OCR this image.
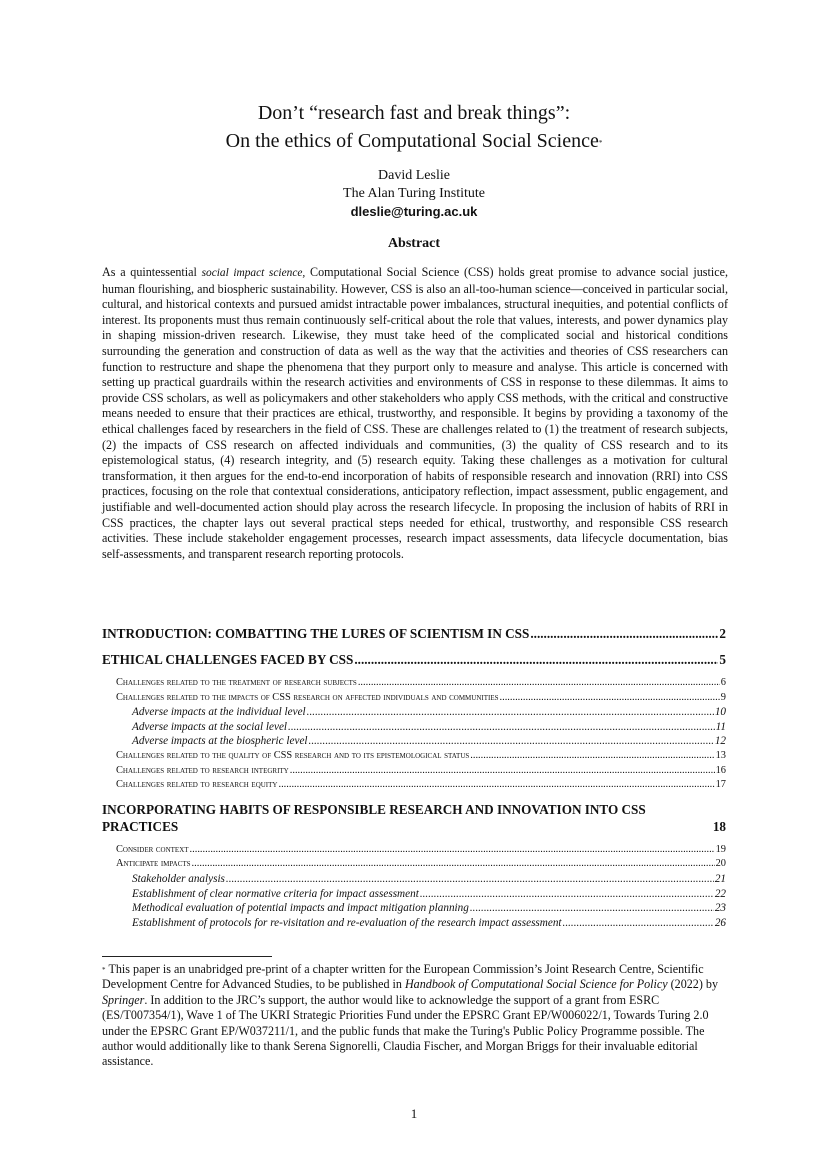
Don’t “research fast and break things”:
On the ethics of Computational Social Science*
David Leslie
The Alan Turing Institute
dleslie@turing.ac.uk
Abstract
As a quintessential social impact science, Computational Social Science (CSS) holds great promise to advance social justice, human flourishing, and biospheric sustainability. However, CSS is also an all-too-human science—conceived in particular social, cultural, and historical contexts and pursued amidst intractable power imbalances, structural inequities, and potential conflicts of interest. Its proponents must thus remain continuously self-critical about the role that values, interests, and power dynamics play in shaping mission-driven research. Likewise, they must take heed of the complicated social and historical conditions surrounding the generation and construction of data as well as the way that the activities and theories of CSS researchers can function to restructure and shape the phenomena that they purport only to measure and analyse. This article is concerned with setting up practical guardrails within the research activities and environments of CSS in response to these dilemmas. It aims to provide CSS scholars, as well as policymakers and other stakeholders who apply CSS methods, with the critical and constructive means needed to ensure that their practices are ethical, trustworthy, and responsible. It begins by providing a taxonomy of the ethical challenges faced by researchers in the field of CSS. These are challenges related to (1) the treatment of research subjects, (2) the impacts of CSS research on affected individuals and communities, (3) the quality of CSS research and to its epistemological status, (4) research integrity, and (5) research equity. Taking these challenges as a motivation for cultural transformation, it then argues for the end-to-end incorporation of habits of responsible research and innovation (RRI) into CSS practices, focusing on the role that contextual considerations, anticipatory reflection, impact assessment, public engagement, and justifiable and well-documented action should play across the research lifecycle. In proposing the inclusion of habits of RRI in CSS practices, the chapter lays out several practical steps needed for ethical, trustworthy, and responsible CSS research activities. These include stakeholder engagement processes, research impact assessments, data lifecycle documentation, bias self-assessments, and transparent research reporting protocols.
INTRODUCTION: COMBATTING THE LURES OF SCIENTISM IN CSS .....	2
ETHICAL CHALLENGES FACED BY CSS .....	5
Challenges related to the treatment of research subjects .....	6
Challenges related to the impacts of CSS research on affected individuals and communities .....	9
Adverse impacts at the individual level .....	10
Adverse impacts at the social level .....	11
Adverse impacts at the biospheric level .....	12
Challenges related to the quality of CSS research and to its epistemological status .....	13
Challenges related to research integrity .....	16
Challenges related to research equity .....	17
INCORPORATING HABITS OF RESPONSIBLE RESEARCH AND INNOVATION INTO CSS
PRACTICES	18
Consider context .....	19
Anticipate impacts .....	20
Stakeholder analysis .....	21
Establishment of clear normative criteria for impact assessment .....	22
Methodical evaluation of potential impacts and impact mitigation planning .....	23
Establishment of protocols for re-visitation and re-evaluation of the research impact assessment .....	26
* This paper is an unabridged pre-print of a chapter written for the European Commission’s Joint Research Centre, Scientific Development Centre for Advanced Studies, to be published in Handbook of Computational Social Science for Policy (2022) by Springer. In addition to the JRC’s support, the author would like to acknowledge the support of a grant from ESRC (ES/T007354/1), Wave 1 of The UKRI Strategic Priorities Fund under the EPSRC Grant EP/W006022/1, Towards Turing 2.0 under the EPSRC Grant EP/W037211/1, and the public funds that make the Turing's Public Policy Programme possible. The author would additionally like to thank Serena Signorelli, Claudia Fischer, and Morgan Briggs for their invaluable editorial assistance.
1
